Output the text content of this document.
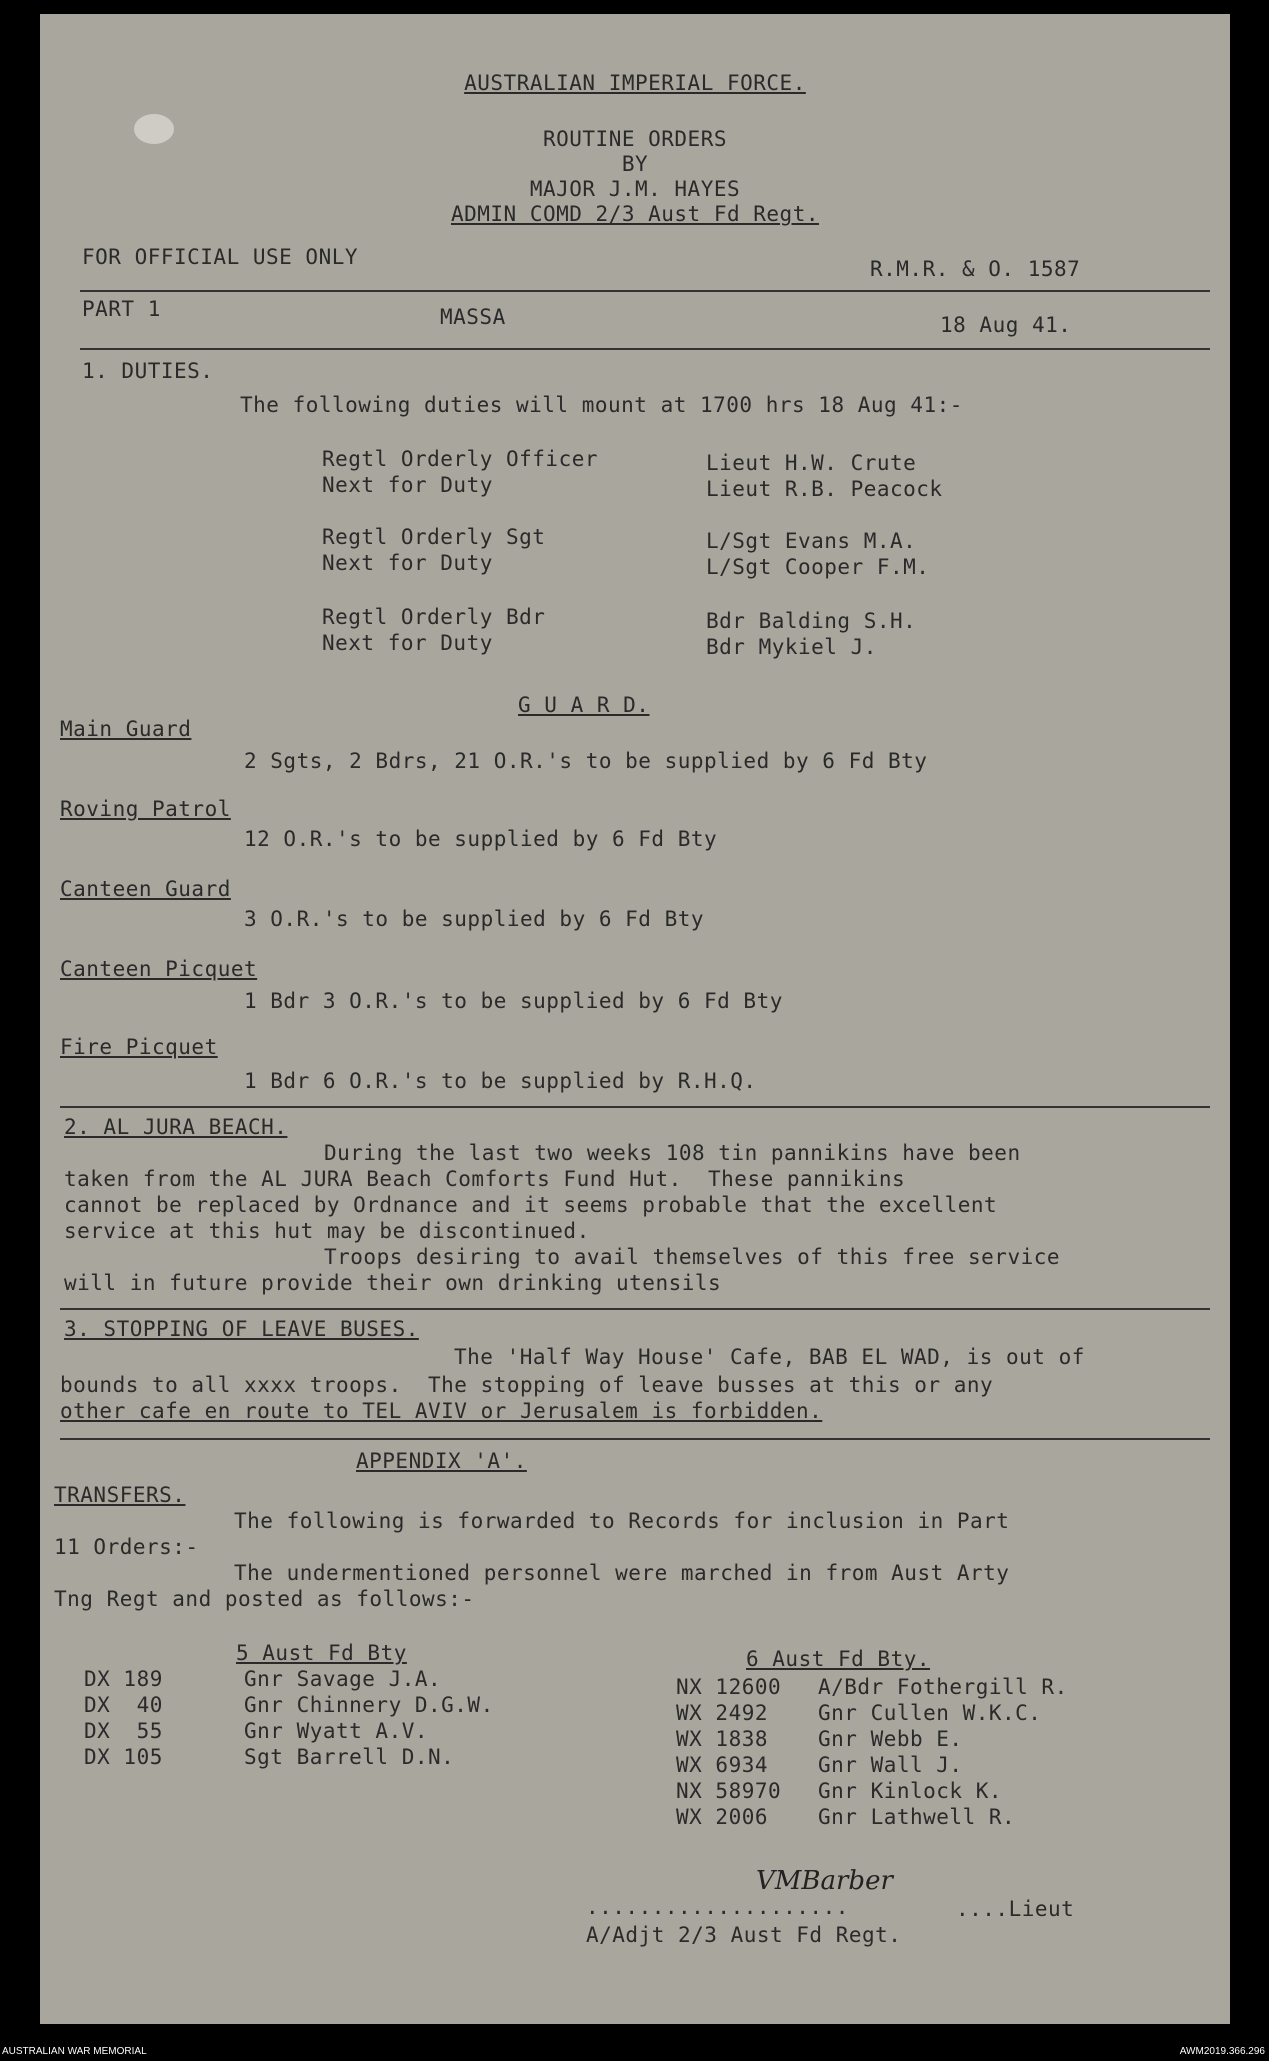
AUSTRALIAN IMPERIAL FORCE.
ROUTINE ORDERS
BY
MAJOR J.M. HAYES
ADMIN COMD 2/3 Aust Fd Regt.
FOR OFFICIAL USE ONLY	R.M.R. & O. 1587
PART 1	MASSA	18 Aug 41.
1. DUTIES.
The following duties will mount at 1700 hrs 18 Aug 41:-
Regtl Orderly Officer	Lieut H.W. Crute
Next for Duty	Lieut R.B. Peacock
Regtl Orderly Sgt	L/Sgt Evans M.A.
Next for Duty	L/Sgt Cooper F.M.
Regtl Orderly Bdr	Bdr Balding S.H.
Next for Duty	Bdr Mykiel J.
G U A R D.
Main Guard
2 Sgts, 2 Bdrs, 21 O.R.'s to be supplied by 6 Fd Bty
Roving Patrol
12 O.R.'s to be supplied by 6 Fd Bty
Canteen Guard
3 O.R.'s to be supplied by 6 Fd Bty
Canteen Picquet
1 Bdr 3 O.R.'s to be supplied by 6 Fd Bty
Fire Picquet
1 Bdr 6 O.R.'s to be supplied by R.H.Q.
2. AL JURA BEACH.
During the last two weeks 108 tin pannikins have been
taken from the AL JURA Beach Comforts Fund Hut.  These pannikins
cannot be replaced by Ordnance and it seems probable that the excellent
service at this hut may be discontinued.
Troops desiring to avail themselves of this free service
will in future provide their own drinking utensils
3. STOPPING OF LEAVE BUSES.
The 'Half Way House' Cafe, BAB EL WAD, is out of
bounds to all xxxx troops.  The stopping of leave busses at this or any
other cafe en route to TEL AVIV or Jerusalem is forbidden.
APPENDIX 'A'.
TRANSFERS.
The following is forwarded to Records for inclusion in Part
11 Orders:-
The undermentioned personnel were marched in from Aust Arty
Tng Regt and posted as follows:-
5 Aust Fd Bty
DX 189	Gnr Savage J.A.
DX  40	Gnr Chinnery D.G.W.
DX  55	Gnr Wyatt A.V.
DX 105	Sgt Barrell D.N.
6 Aust Fd Bty.
NX 12600 A/Bdr Fothergill R.
WX 2492 Gnr Cullen W.K.C.
WX 1838 Gnr Webb E.
WX 6934 Gnr Wall J.
NX 58970 Gnr Kinlock K.
WX 2006 Gnr Lathwell R.
....................
VMBarber
....Lieut
A/Adjt 2/3 Aust Fd Regt.
AUSTRALIAN WAR MEMORIAL	AWM2019.366.296
